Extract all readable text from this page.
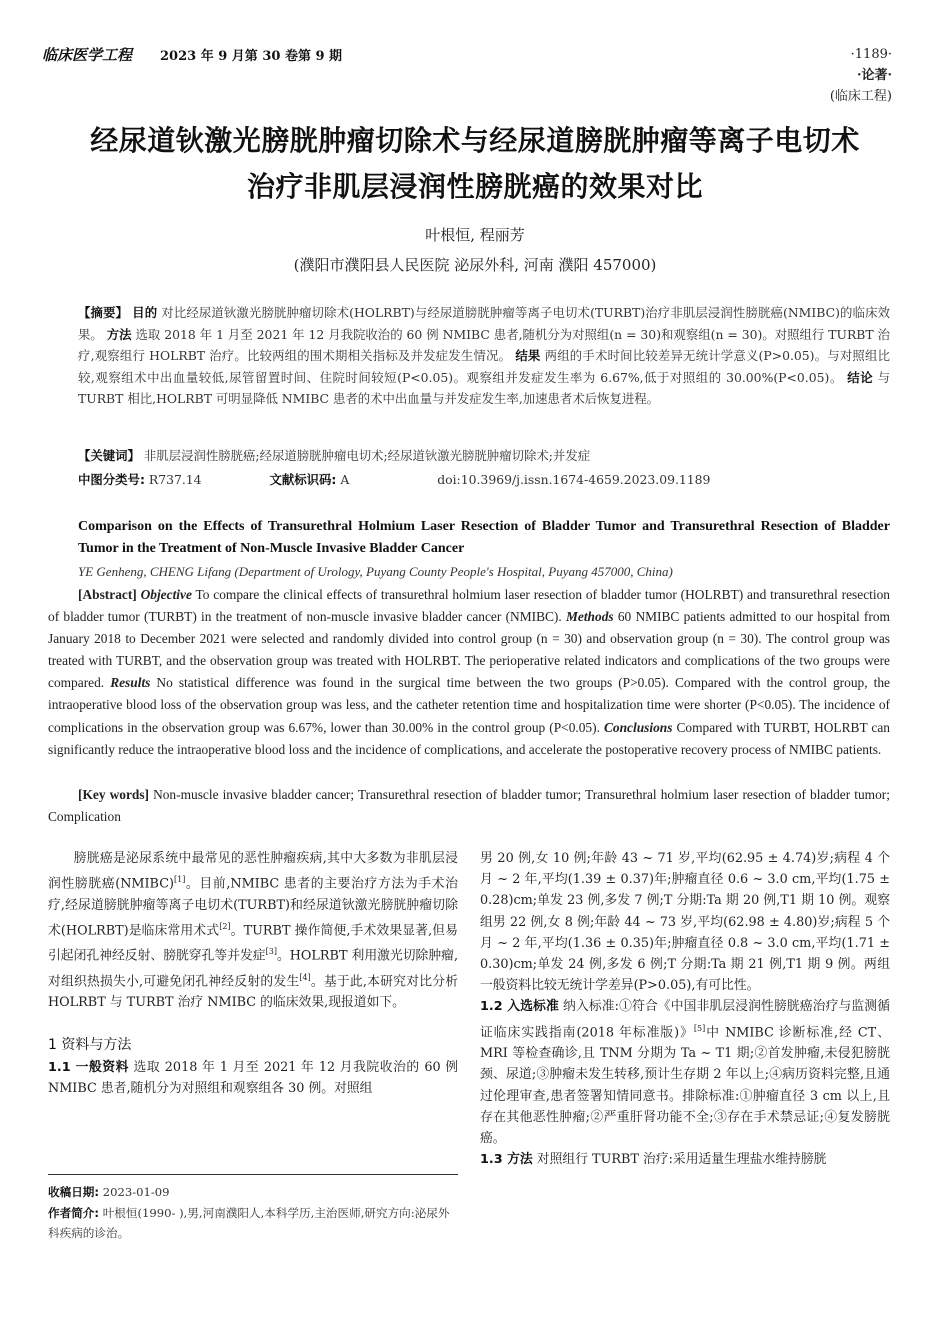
临床医学工程 2023 年 9 月第 30 卷第 9 期	·1189·
·论著·
(临床工程)
经尿道钬激光膀胱肿瘤切除术与经尿道膀胱肿瘤等离子电切术
治疗非肌层浸润性膀胱癌的效果对比
叶根恒, 程丽芳
(濮阳市濮阳县人民医院 泌尿外科, 河南 濮阳 457000)
【摘要】 目的 对比经尿道钬激光膀胱肿瘤切除术(HOLRBT)与经尿道膀胱肿瘤等离子电切术(TURBT)治疗非肌层浸润性膀胱癌(NMIBC)的临床效果。 方法 选取 2018 年 1 月至 2021 年 12 月我院收治的 60 例 NMIBC 患者,随机分为对照组(n = 30)和观察组(n = 30)。对照组行 TURBT 治疗,观察组行 HOLRBT 治疗。比较两组的围术期相关指标及并发症发生情况。 结果 两组的手术时间比较差异无统计学意义(P>0.05)。与对照组比较,观察组术中出血量较低,尿管留置时间、住院时间较短(P<0.05)。观察组并发症发生率为 6.67%,低于对照组的 30.00%(P<0.05)。 结论 与 TURBT 相比,HOLRBT 可明显降低 NMIBC 患者的术中出血量与并发症发生率,加速患者术后恢复进程。
【关键词】 非肌层浸润性膀胱癌;经尿道膀胱肿瘤电切术;经尿道钬激光膀胱肿瘤切除术;并发症
中图分类号: R737.14	文献标识码: A	doi:10.3969/j.issn.1674-4659.2023.09.1189
Comparison on the Effects of Transurethral Holmium Laser Resection of Bladder Tumor and Transurethral Resection of Bladder Tumor in the Treatment of Non-Muscle Invasive Bladder Cancer
YE Genheng, CHENG Lifang (Department of Urology, Puyang County People's Hospital, Puyang 457000, China)
[Abstract] Objective To compare the clinical effects of transurethral holmium laser resection of bladder tumor (HOLRBT) and transurethral resection of bladder tumor (TURBT) in the treatment of non-muscle invasive bladder cancer (NMIBC). Methods 60 NMIBC patients admitted to our hospital from January 2018 to December 2021 were selected and randomly divided into control group (n = 30) and observation group (n = 30). The control group was treated with TURBT, and the observation group was treated with HOLRBT. The perioperative related indicators and complications of the two groups were compared. Results No statistical difference was found in the surgical time between the two groups (P>0.05). Compared with the control group, the intraoperative blood loss of the observation group was less, and the catheter retention time and hospitalization time were shorter (P<0.05). The incidence of complications in the observation group was 6.67%, lower than 30.00% in the control group (P<0.05). Conclusions Compared with TURBT, HOLRBT can significantly reduce the intraoperative blood loss and the incidence of complications, and accelerate the postoperative recovery process of NMIBC patients.
[Key words] Non-muscle invasive bladder cancer; Transurethral resection of bladder tumor; Transurethral holmium laser resection of bladder tumor; Complication

膀胱癌是泌尿系统中最常见的恶性肿瘤疾病,其中大多数为非肌层浸润性膀胱癌(NMIBC)[1]。目前,NMIBC 患者的主要治疗方法为手术治疗,经尿道膀胱肿瘤等离子电切术(TURBT)和经尿道钬激光膀胱肿瘤切除术(HOLRBT)是临床常用术式[2]。TURBT 操作简便,手术效果显著,但易引起闭孔神经反射、膀胱穿孔等并发症[3]。HOLRBT 利用激光切除肿瘤,对组织热损失小,可避免闭孔神经反射的发生[4]。基于此,本研究对比分析 HOLRBT 与 TURBT 治疗 NMIBC 的临床效果,现报道如下。

1 资料与方法
1.1 一般资料 选取 2018 年 1 月至 2021 年 12 月我院收治的 60 例 NMIBC 患者,随机分为对照组和观察组各 30 例。对照组
收稿日期: 2023-01-09
作者简介: 叶根恒(1990- ),男,河南濮阳人,本科学历,主治医师,研究方向:泌尿外科疾病的诊治。

男 20 例,女 10 例;年龄 43 ~ 71 岁,平均(62.95 ± 4.74)岁;病程 4 个月 ~ 2 年,平均(1.39 ± 0.37)年;肿瘤直径 0.6 ~ 3.0 cm,平均(1.75 ± 0.28)cm;单发 23 例,多发 7 例;T 分期:Ta 期 20 例,T1 期 10 例。观察组男 22 例,女 8 例;年龄 44 ~ 73 岁,平均(62.98 ± 4.80)岁;病程 5 个月 ~ 2 年,平均(1.36 ± 0.35)年;肿瘤直径 0.8 ~ 3.0 cm,平均(1.71 ± 0.30)cm;单发 24 例,多发 6 例;T 分期:Ta 期 21 例,T1 期 9 例。两组一般资料比较无统计学差异(P>0.05),有可比性。

1.2 入选标准 纳入标准:①符合《中国非肌层浸润性膀胱癌治疗与监测循证临床实践指南(2018 年标准版)》[5]中 NMIBC 诊断标准,经 CT、MRI 等检查确诊,且 TNM 分期为 Ta ~ T1 期;②首发肿瘤,未侵犯膀胱颈、尿道;③肿瘤未发生转移,预计生存期 2 年以上;④病历资料完整,且通过伦理审查,患者签署知情同意书。排除标准:①肿瘤直径 3 cm 以上,且存在其他恶性肿瘤;②严重肝肾功能不全;③存在手术禁忌证;④复发膀胱癌。

1.3 方法 对照组行 TURBT 治疗:采用适量生理盐水维持膀胱
